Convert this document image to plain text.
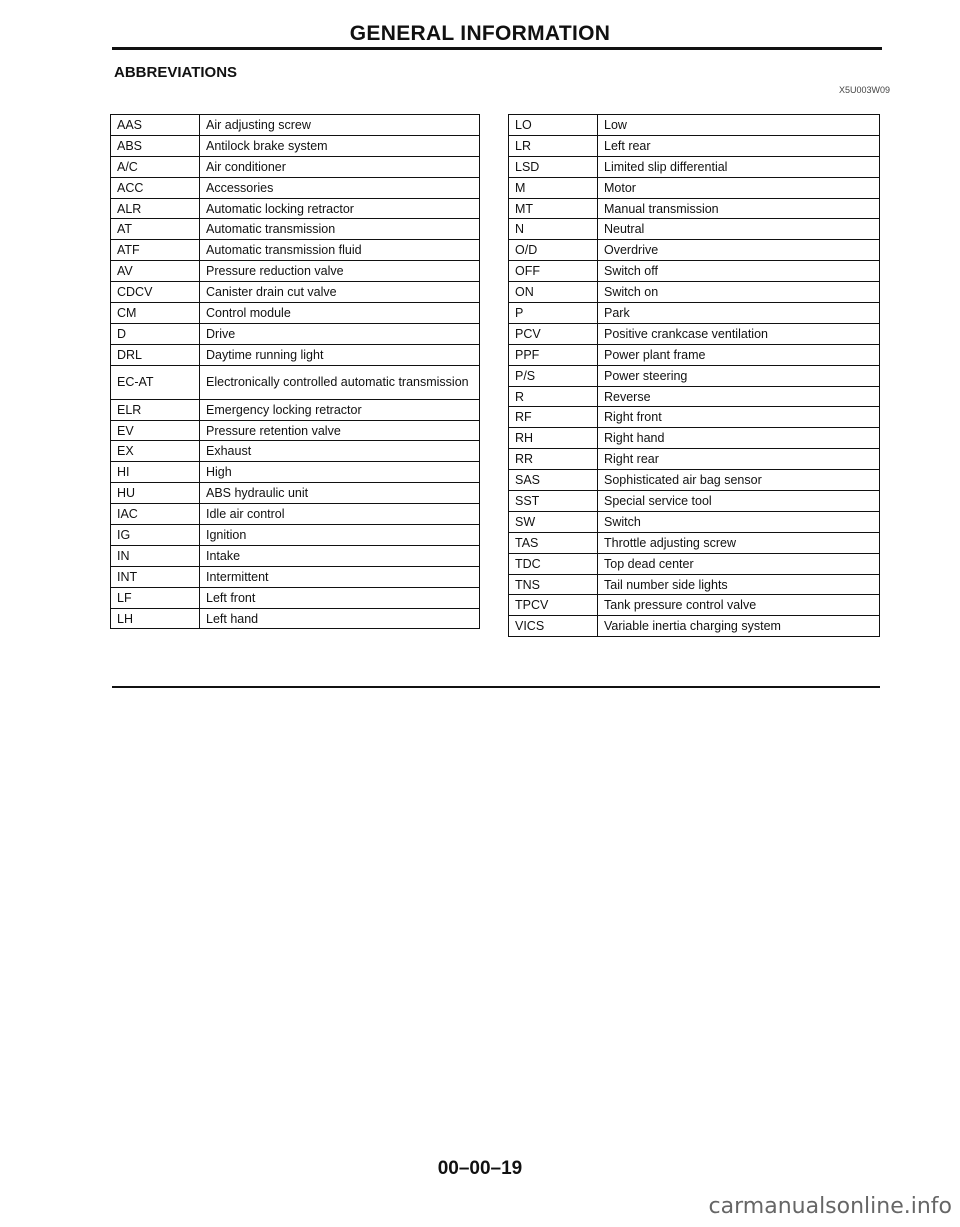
GENERAL INFORMATION
ABBREVIATIONS
X5U003W09
AAS	Air adjusting screw
ABS	Antilock brake system
A/C	Air conditioner
ACC	Accessories
ALR	Automatic locking retractor
AT	Automatic transmission
ATF	Automatic transmission fluid
AV	Pressure reduction valve
CDCV	Canister drain cut valve
CM	Control module
D	Drive
DRL	Daytime running light
EC-AT	Electronically controlled automatic transmission
ELR	Emergency locking retractor
EV	Pressure retention valve
EX	Exhaust
HI	High
HU	ABS hydraulic unit
IAC	Idle air control
IG	Ignition
IN	Intake
INT	Intermittent
LF	Left front
LH	Left hand
LO	Low
LR	Left rear
LSD	Limited slip differential
M	Motor
MT	Manual transmission
N	Neutral
O/D	Overdrive
OFF	Switch off
ON	Switch on
P	Park
PCV	Positive crankcase ventilation
PPF	Power plant frame
P/S	Power steering
R	Reverse
RF	Right front
RH	Right hand
RR	Right rear
SAS	Sophisticated air bag sensor
SST	Special service tool
SW	Switch
TAS	Throttle adjusting screw
TDC	Top dead center
TNS	Tail number side lights
TPCV	Tank pressure control valve
VICS	Variable inertia charging system
00–00–19
carmanualsonline.info
